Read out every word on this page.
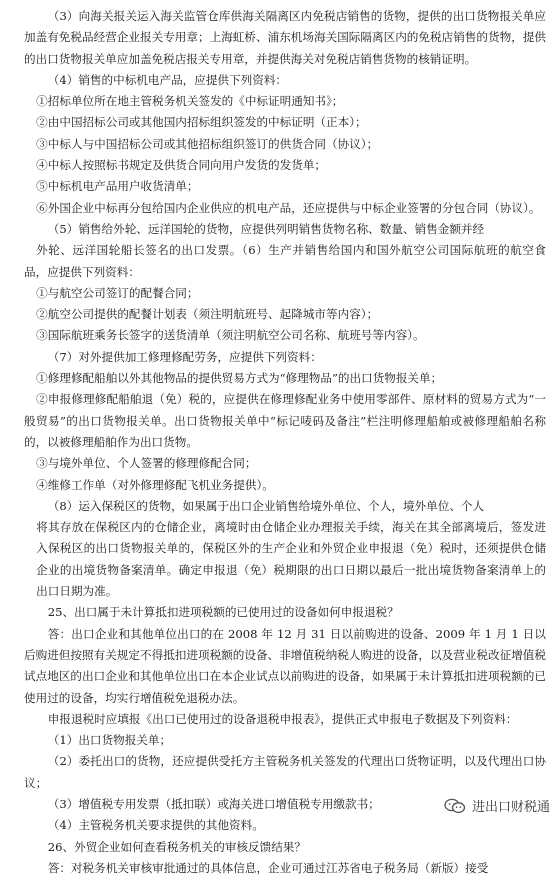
（3）向海关报关运入海关监管仓库供海关隔离区内免税店销售的货物，提供的出口货物报关单应加盖有免税品经营企业报关专用章；上海虹桥、浦东机场海关国际隔离区内的免税店销售的货物，提供的出口货物报关单应加盖免税店报关专用章，并提供海关对免税店销售货物的核销证明。

（4）销售的中标机电产品，应提供下列资料：

①招标单位所在地主管税务机关签发的《中标证明通知书》；

②由中国招标公司或其他国内招标组织签发的中标证明（正本）；

③中标人与中国招标公司或其他招标组织签订的供货合同（协议）；

④中标人按照标书规定及供货合同向用户发货的发货单；

⑤中标机电产品用户收货清单；

⑥外国企业中标再分包给国内企业供应的机电产品，还应提供与中标企业签署的分包合同（协议）。

（5）销售给外轮、远洋国轮的货物，应提供列明销售货物名称、数量、销售金额并经

外轮、远洋国轮船长签名的出口发票。（6）生产并销售给国内和国外航空公司国际航班的航空食品，应提供下列资料：

①与航空公司签订的配餐合同；

②航空公司提供的配餐计划表（须注明航班号、起降城市等内容）；

③国际航班乘务长签字的送货清单（须注明航空公司名称、航班号等内容）。

（7）对外提供加工修理修配劳务，应提供下列资料：

①修理修配船舶以外其他物品的提供贸易方式为“修理物品”的出口货物报关单；

②申报修理修配船舶退（免）税的，应提供在修理修配业务中使用零部件、原材料的贸易方式为“一般贸易”的出口货物报关单。出口货物报关单中“标记唛码及备注”栏注明修理船舶或被修理船舶名称的，以被修理船舶作为出口货物。

③与境外单位、个人签署的修理修配合同；

④维修工作单（对外修理修配飞机业务提供）。

（8）运入保税区的货物，如果属于出口企业销售给境外单位、个人，境外单位、个人

将其存放在保税区内的仓储企业，离境时由仓储企业办理报关手续，海关在其全部离境后，签发进入保税区的出口货物报关单的，保税区外的生产企业和外贸企业申报退（免）税时，还须提供仓储企业的出境货物备案清单。确定申报退（免）税期限的出口日期以最后一批出境货物备案清单上的出口日期为准。

25、出口属于未计算抵扣进项税额的已使用过的设备如何申报退税？

答：出口企业和其他单位出口的在 2008 年 12 月 31 日以前购进的设备、2009 年 1 月 1 日以后购进但按照有关规定不得抵扣进项税额的设备、非增值税纳税人购进的设备，以及营业税改征增值税试点地区的出口企业和其他单位出口在本企业试点以前购进的设备，如果属于未计算抵扣进项税额的已使用过的设备，均实行增值税免退税办法。

申报退税时应填报《出口已使用过的设备退税申报表》，提供正式申报电子数据及下列资料：

（1）出口货物报关单；

（2）委托出口的货物，还应提供受托方主管税务机关签发的代理出口货物证明，以及代理出口协议；

（3）增值税专用发票（抵扣联）或海关进口增值税专用缴款书；

（4）主管税务机关要求提供的其他资料。

26、外贸企业如何查看税务机关的审核反馈结果？

答：对税务机关审核审批通过的具体信息，企业可通过江苏省电子税务局（新版）接受

进出口财税通
